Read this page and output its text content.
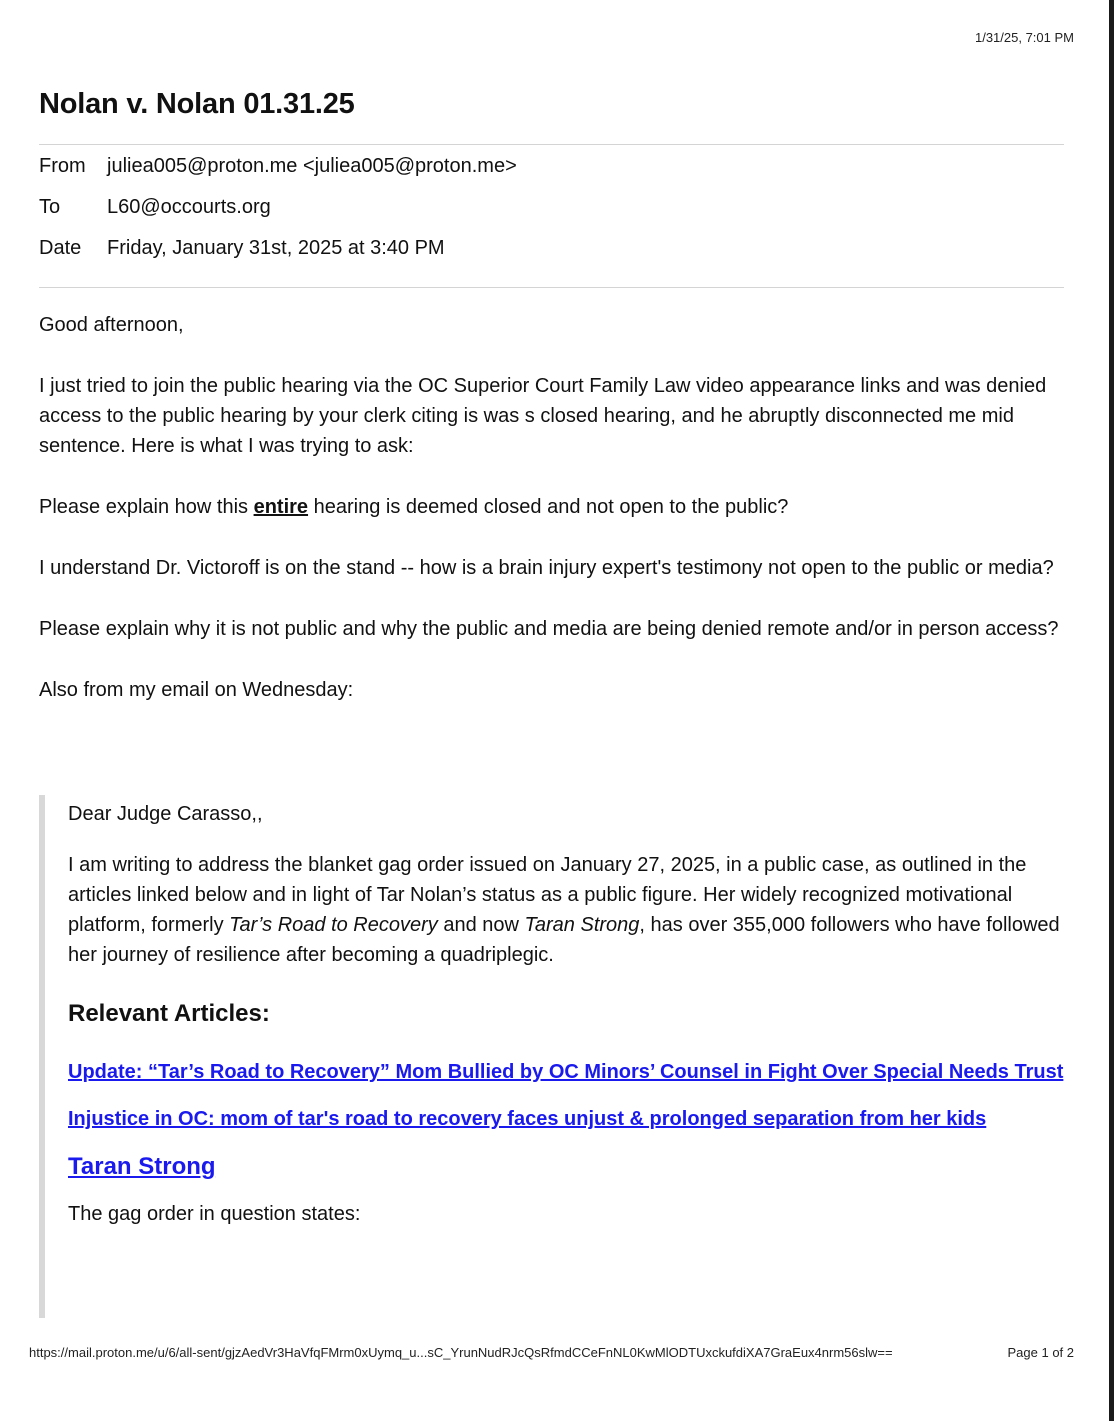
1/31/25, 7:01 PM
Nolan v. Nolan 01.31.25
From	juliea005@proton.me <juliea005@proton.me>
To	L60@occourts.org
Date	Friday, January 31st, 2025 at 3:40 PM

Good afternoon,

I just tried to join the public hearing via the OC Superior Court Family Law video appearance links and was denied access to the public hearing by your clerk citing is was s closed hearing, and he abruptly disconnected me mid sentence. Here is what I was trying to ask:

Please explain how this entire hearing is deemed closed and not open to the public?

I understand Dr. Victoroff is on the stand -- how is a brain injury expert's testimony not open to the public or media?

Please explain why it is not public and why the public and media are being denied remote and/or in person access?

Also from my email on Wednesday:

Dear Judge Carasso,,

I am writing to address the blanket gag order issued on January 27, 2025, in a public case, as outlined in the articles linked below and in light of Tar Nolan’s status as a public figure. Her widely recognized motivational platform, formerly Tar’s Road to Recovery and now Taran Strong, has over 355,000 followers who have followed her journey of resilience after becoming a quadriplegic.

Relevant Articles:

Update: “Tar’s Road to Recovery” Mom Bullied by OC Minors’ Counsel in Fight Over Special Needs Trust

Injustice in OC: mom of tar's road to recovery faces unjust & prolonged separation from her kids

Taran Strong

The gag order in question states:

https://mail.proton.me/u/6/all-sent/gjzAedVr3HaVfqFMrm0xUymq_u...sC_YrunNudRJcQsRfmdCCeFnNL0KwMlODTUxckufdiXA7GraEux4nrm56slw==	Page 1 of 2
